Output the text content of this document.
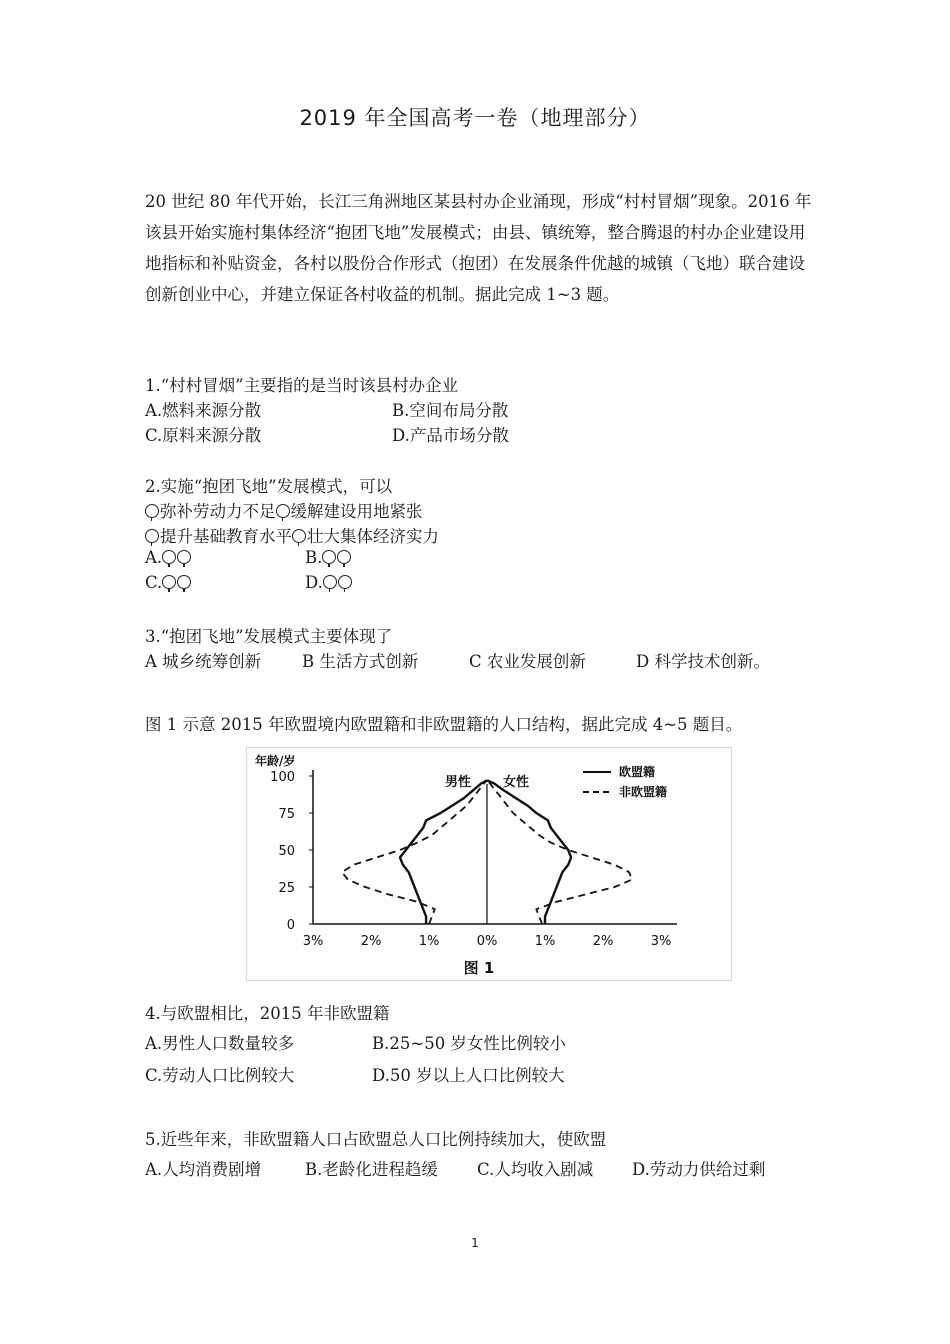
2019 年全国高考一卷（地理部分）
20 世纪 80 年代开始，长江三角洲地区某县村办企业涌现，形成“村村冒烟”现象。2016 年该县开始实施村集体经济“抱团飞地”发展模式；由县、镇统筹，整合腾退的村办企业建设用地指标和补贴资金，各村以股份合作形式（抱团）在发展条件优越的城镇（飞地）联合建设创新创业中心，并建立保证各村收益的机制。据此完成 1~3 题。
1.“村村冒烟”主要指的是当时该县村办企业
A.燃料来源分散	B.空间布局分散
C.原料来源分散	D.产品市场分散
2.实施“抱团飞地”发展模式，可以
弥补劳动力不足 缓解建设用地紧张
提升基础教育水平 壮大集体经济实力
A.	B.
C.	D.
3.“抱团飞地”发展模式主要体现了
A 城乡统筹创新 B 生活方式创新	C 农业发展创新	D 科学技术创新。
图 1 示意 2015 年欧盟境内欧盟籍和非欧盟籍的人口结构，据此完成 4~5 题目。
0
25
50
75
100
3%	2%	1%	0%	1%	2%	3%
年龄/岁
男性 女性
欧盟籍
非欧盟籍
图 1
4.与欧盟相比，2015 年非欧盟籍
A.男性人口数量较多	B.25~50 岁女性比例较小
C.劳动人口比例较大	D.50 岁以上人口比例较大
5.近些年来，非欧盟籍人口占欧盟总人口比例持续加大，使欧盟
A.人均消费剧增	B.老龄化进程趋缓 C.人均收入剧减 D.劳动力供给过剩
1
